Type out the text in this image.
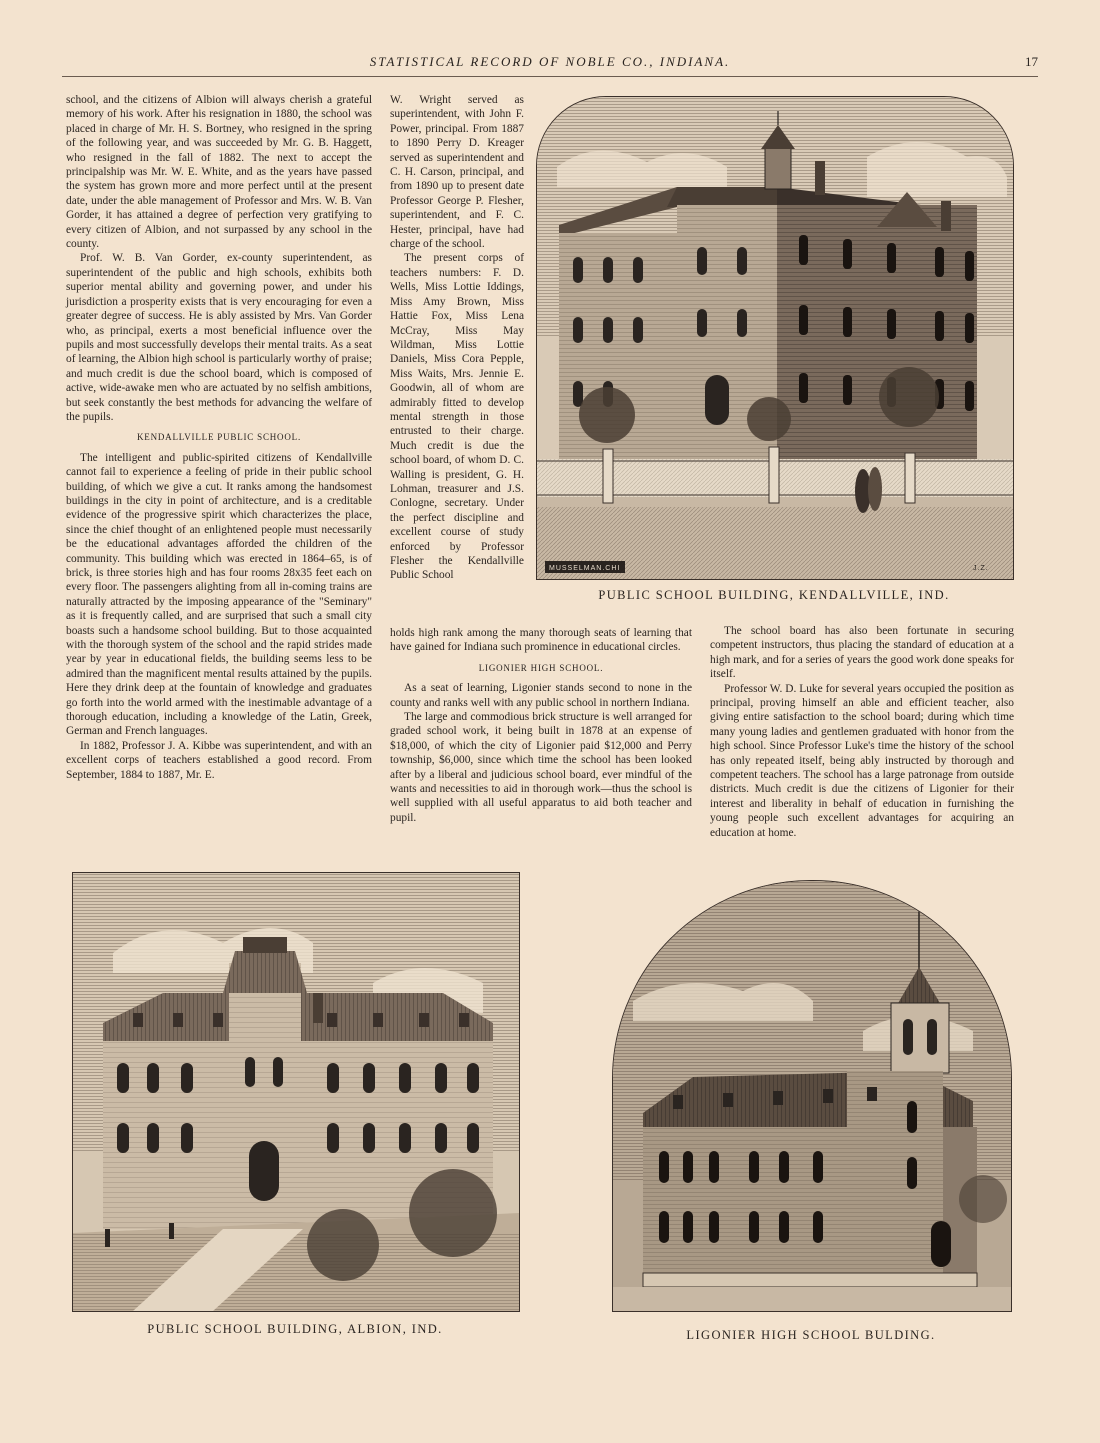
STATISTICAL RECORD OF NOBLE CO., INDIANA.	17

school, and the citizens of Albion will always cherish a grateful memory of his work. After his resignation in 1880, the school was placed in charge of Mr. H. S. Bortney, who resigned in the spring of the following year, and was succeeded by Mr. G. B. Haggett, who resigned in the fall of 1882. The next to accept the principalship was Mr. W. E. White, and as the years have passed the system has grown more and more perfect until at the present date, under the able management of Professor and Mrs. W. B. Van Gorder, it has attained a degree of perfection very gratifying to every citizen of Albion, and not surpassed by any school in the county.

Prof. W. B. Van Gorder, ex-county superintendent, as superintendent of the public and high schools, exhibits both superior mental ability and governing power, and under his jurisdiction a prosperity exists that is very encouraging for even a greater degree of success. He is ably assisted by Mrs. Van Gorder who, as principal, exerts a most beneficial influence over the pupils and most successfully develops their mental traits. As a seat of learning, the Albion high school is particularly worthy of praise; and much credit is due the school board, which is composed of active, wide-awake men who are actuated by no selfish ambitions, but seek constantly the best methods for advancing the welfare of the pupils.

KENDALLVILLE PUBLIC SCHOOL.

The intelligent and public-spirited citizens of Kendallville cannot fail to experience a feeling of pride in their public school building, of which we give a cut. It ranks among the handsomest buildings in the city in point of architecture, and is a creditable evidence of the progressive spirit which characterizes the place, since the chief thought of an enlightened people must necessarily be the educational advantages afforded the children of the community. This building which was erected in 1864–65, is of brick, is three stories high and has four rooms 28x35 feet each on every floor. The passengers alighting from all in-coming trains are naturally attracted by the imposing appearance of the "Seminary" as it is frequently called, and are surprised that such a small city boasts such a handsome school building. But to those acquainted with the thorough system of the school and the rapid strides made year by year in educational fields, the building seems less to be admired than the magnificent mental results attained by the pupils. Here they drink deep at the fountain of knowledge and graduates go forth into the world armed with the inestimable advantage of a thorough education, including a knowledge of the Latin, Greek, German and French languages.

In 1882, Professor J. A. Kibbe was superintendent, and with an excellent corps of teachers established a good record. From September, 1884 to 1887, Mr. E.

W. Wright served as superintendent, with John F. Power, principal. From 1887 to 1890 Perry D. Kreager served as superintendent and C. H. Carson, principal, and from 1890 up to present date Professor George P. Flesher, superintendent, and F. C. Hester, principal, have had charge of the school.

The present corps of teachers numbers: F. D. Wells, Miss Lottie Iddings, Miss Amy Brown, Miss Hattie Fox, Miss Lena McCray, Miss May Wildman, Miss Lottie Daniels, Miss Cora Pepple, Miss Waits, Mrs. Jennie E. Goodwin, all of whom are admirably fitted to develop mental strength in those entrusted to their charge. Much credit is due the school board, of whom D. C. Walling is president, G. H. Lohman, treasurer and J.S. Conlogne, secretary. Under the perfect discipline and excellent course of study enforced by Professor Flesher the Kendallville Public School

holds high rank among the many thorough seats of learning that have gained for Indiana such prominence in educational circles.

LIGONIER HIGH SCHOOL.

As a seat of learning, Ligonier stands second to none in the county and ranks well with any public school in northern Indiana.

The large and commodious brick structure is well arranged for graded school work, it being built in 1878 at an expense of $18,000, of which the city of Ligonier paid $12,000 and Perry township, $6,000, since which time the school has been looked after by a liberal and judicious school board, ever mindful of the wants and necessities to aid in thorough work—thus the school is well supplied with all useful apparatus to aid both teacher and pupil.

The school board has also been fortunate in securing competent instructors, thus placing the standard of education at a high mark, and for a series of years the good work done speaks for itself.

Professor W. D. Luke for several years occupied the position as principal, proving himself an able and efficient teacher, also giving entire satisfaction to the school board; during which time many young ladies and gentlemen graduated with honor from the high school. Since Professor Luke's time the history of the school has only repeated itself, being ably instructed by thorough and competent teachers. The school has a large patronage from outside districts. Much credit is due the citizens of Ligonier for their interest and liberality in behalf of education in furnishing the young people such excellent advantages for acquiring an education at home.

MUSSELMAN.CHI	J.Z.
PUBLIC SCHOOL BUILDING, KENDALLVILLE, IND.
PUBLIC SCHOOL BUILDING, ALBION, IND.	LIGONIER HIGH SCHOOL BULDING.
